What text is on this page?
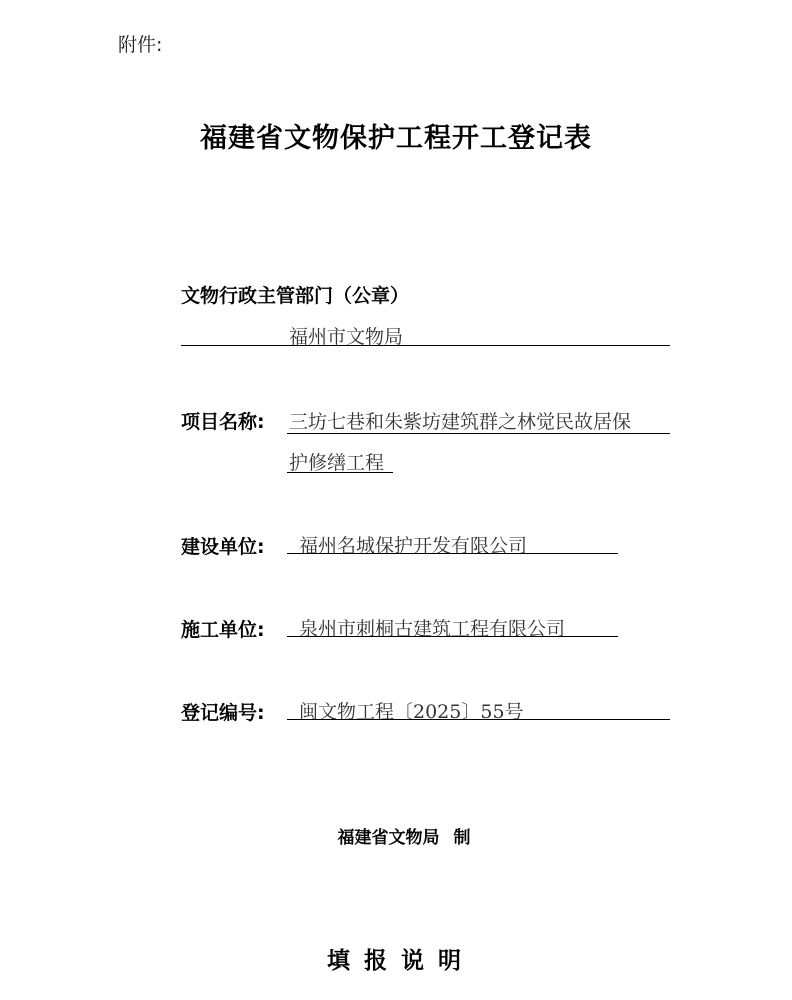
附件:
福建省文物保护工程开工登记表
文物行政主管部门（公章）
福州市文物局
项目名称: 三坊七巷和朱紫坊建筑群之林觉民故居保
护修缮工程
建设单位: 福州名城保护开发有限公司
施工单位: 泉州市刺桐古建筑工程有限公司
登记编号: 闽文物工程〔2025〕55号
福建省文物局 制
填报说明
